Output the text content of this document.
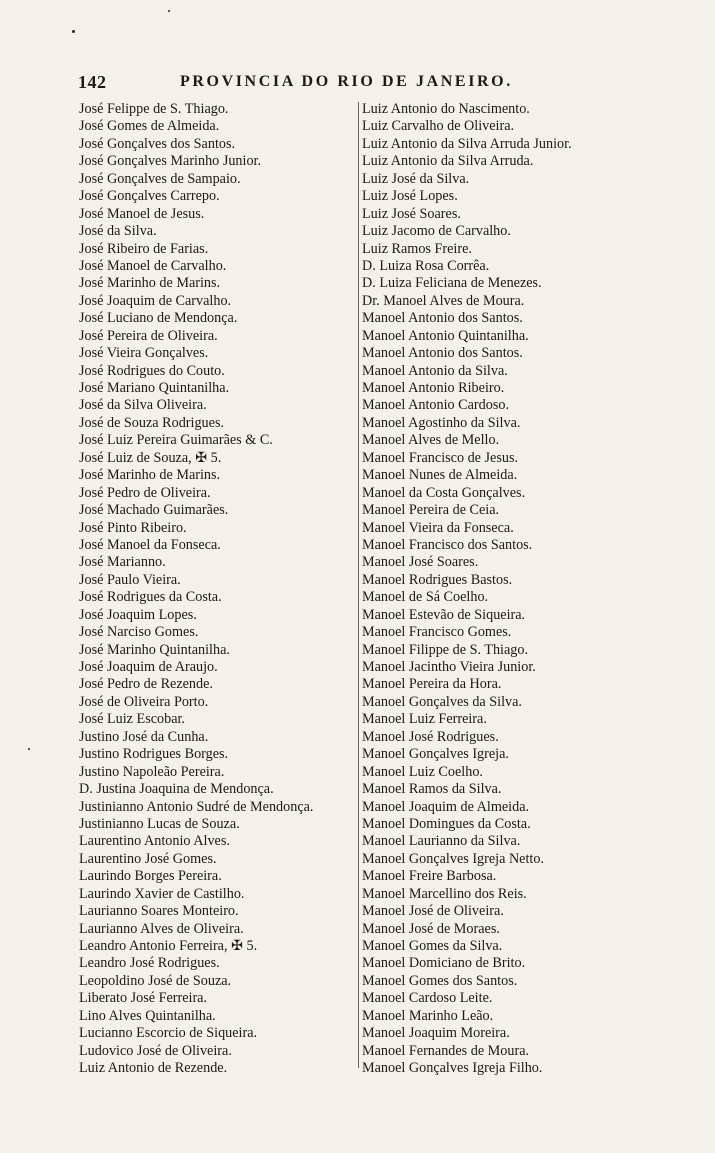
142	PROVINCIA DO RIO DE JANEIRO.
José Felippe de S. Thiago.
José Gomes de Almeida.
José Gonçalves dos Santos.
José Gonçalves Marinho Junior.
José Gonçalves de Sampaio.
José Gonçalves Carrepo.
José Manoel de Jesus.
José da Silva.
José Ribeiro de Farias.
José Manoel de Carvalho.
José Marinho de Marins.
José Joaquim de Carvalho.
José Luciano de Mendonça.
José Pereira de Oliveira.
José Vieira Gonçalves.
José Rodrigues do Couto.
José Mariano Quintanilha.
José da Silva Oliveira.
José de Souza Rodrigues.
José Luiz Pereira Guimarães & C.
José Luiz de Souza, ✠ 5.
José Marinho de Marins.
José Pedro de Oliveira.
José Machado Guimarães.
José Pinto Ribeiro.
José Manoel da Fonseca.
José Marianno.
José Paulo Vieira.
José Rodrigues da Costa.
José Joaquim Lopes.
José Narciso Gomes.
José Marinho Quintanilha.
José Joaquim de Araujo.
José Pedro de Rezende.
José de Oliveira Porto.
José Luiz Escobar.
Justino José da Cunha.
Justino Rodrigues Borges.
Justino Napoleão Pereira.
D. Justina Joaquina de Mendonça.
Justinianno Antonio Sudré de Mendonça.
Justinianno Lucas de Souza.
Laurentino Antonio Alves.
Laurentino José Gomes.
Laurindo Borges Pereira.
Laurindo Xavier de Castilho.
Laurianno Soares Monteiro.
Laurianno Alves de Oliveira.
Leandro Antonio Ferreira, ✠ 5.
Leandro José Rodrigues.
Leopoldino José de Souza.
Liberato José Ferreira.
Lino Alves Quintanilha.
Lucianno Escorcio de Siqueira.
Ludovico José de Oliveira.
Luiz Antonio de Rezende.
Luiz Antonio do Nascimento.
Luiz Carvalho de Oliveira.
Luiz Antonio da Silva Arruda Junior.
Luiz Antonio da Silva Arruda.
Luiz José da Silva.
Luiz José Lopes.
Luiz José Soares.
Luiz Jacomo de Carvalho.
Luiz Ramos Freire.
D. Luiza Rosa Corrêa.
D. Luiza Feliciana de Menezes.
Dr. Manoel Alves de Moura.
Manoel Antonio dos Santos.
Manoel Antonio Quintanilha.
Manoel Antonio dos Santos.
Manoel Antonio da Silva.
Manoel Antonio Ribeiro.
Manoel Antonio Cardoso.
Manoel Agostinho da Silva.
Manoel Alves de Mello.
Manoel Francisco de Jesus.
Manoel Nunes de Almeida.
Manoel da Costa Gonçalves.
Manoel Pereira de Ceia.
Manoel Vieira da Fonseca.
Manoel Francisco dos Santos.
Manoel José Soares.
Manoel Rodrigues Bastos.
Manoel de Sá Coelho.
Manoel Estevão de Siqueira.
Manoel Francisco Gomes.
Manoel Filippe de S. Thiago.
Manoel Jacintho Vieira Junior.
Manoel Pereira da Hora.
Manoel Gonçalves da Silva.
Manoel Luiz Ferreira.
Manoel José Rodrigues.
Manoel Gonçalves Igreja.
Manoel Luiz Coelho.
Manoel Ramos da Silva.
Manoel Joaquim de Almeida.
Manoel Domingues da Costa.
Manoel Laurianno da Silva.
Manoel Gonçalves Igreja Netto.
Manoel Freire Barbosa.
Manoel Marcellino dos Reis.
Manoel José de Oliveira.
Manoel José de Moraes.
Manoel Gomes da Silva.
Manoel Domiciano de Brito.
Manoel Gomes dos Santos.
Manoel Cardoso Leite.
Manoel Marinho Leão.
Manoel Joaquim Moreira.
Manoel Fernandes de Moura.
Manoel Gonçalves Igreja Filho.
